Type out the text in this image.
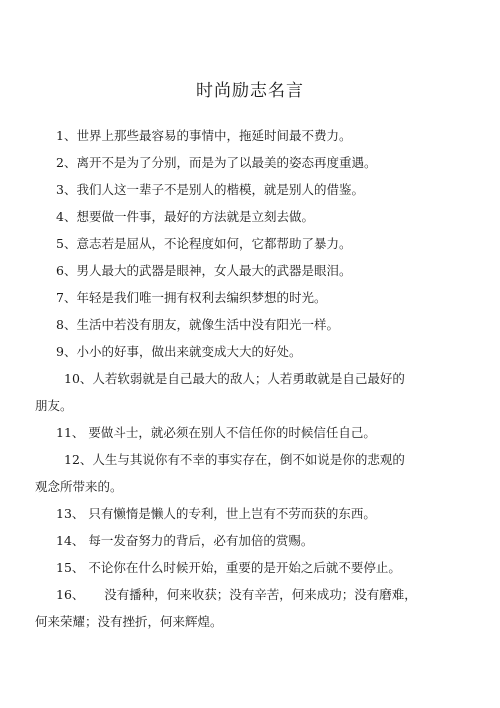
时尚励志名言
1、世界上那些最容易的事情中，拖延时间最不费力。
2、离开不是为了分别，而是为了以最美的姿态再度重遇。
3、我们人这一辈子不是别人的楷模，就是别人的借鉴。
4、想要做一件事，最好的方法就是立刻去做。
5、意志若是屈从，不论程度如何，它都帮助了暴力。
6、男人最大的武器是眼神，女人最大的武器是眼泪。
7、年轻是我们唯一拥有权利去编织梦想的时光。
8、生活中若没有朋友，就像生活中没有阳光一样。
9、小小的好事，做出来就变成大大的好处。
10、人若软弱就是自己最大的敌人；人若勇敢就是自己最好的
朋友。
11、 要做斗士，就必须在别人不信任你的时候信任自己。
12、人生与其说你有不幸的事实存在，倒不如说是你的悲观的
观念所带来的。
13、 只有懒惰是懒人的专利，世上岂有不劳而获的东西。
14、 每一发奋努力的背后，必有加倍的赏赐。
15、 不论你在什么时候开始，重要的是开始之后就不要停止。
16、     没有播种，何来收获；没有辛苦，何来成功；没有磨难，
何来荣耀；没有挫折，何来辉煌。
